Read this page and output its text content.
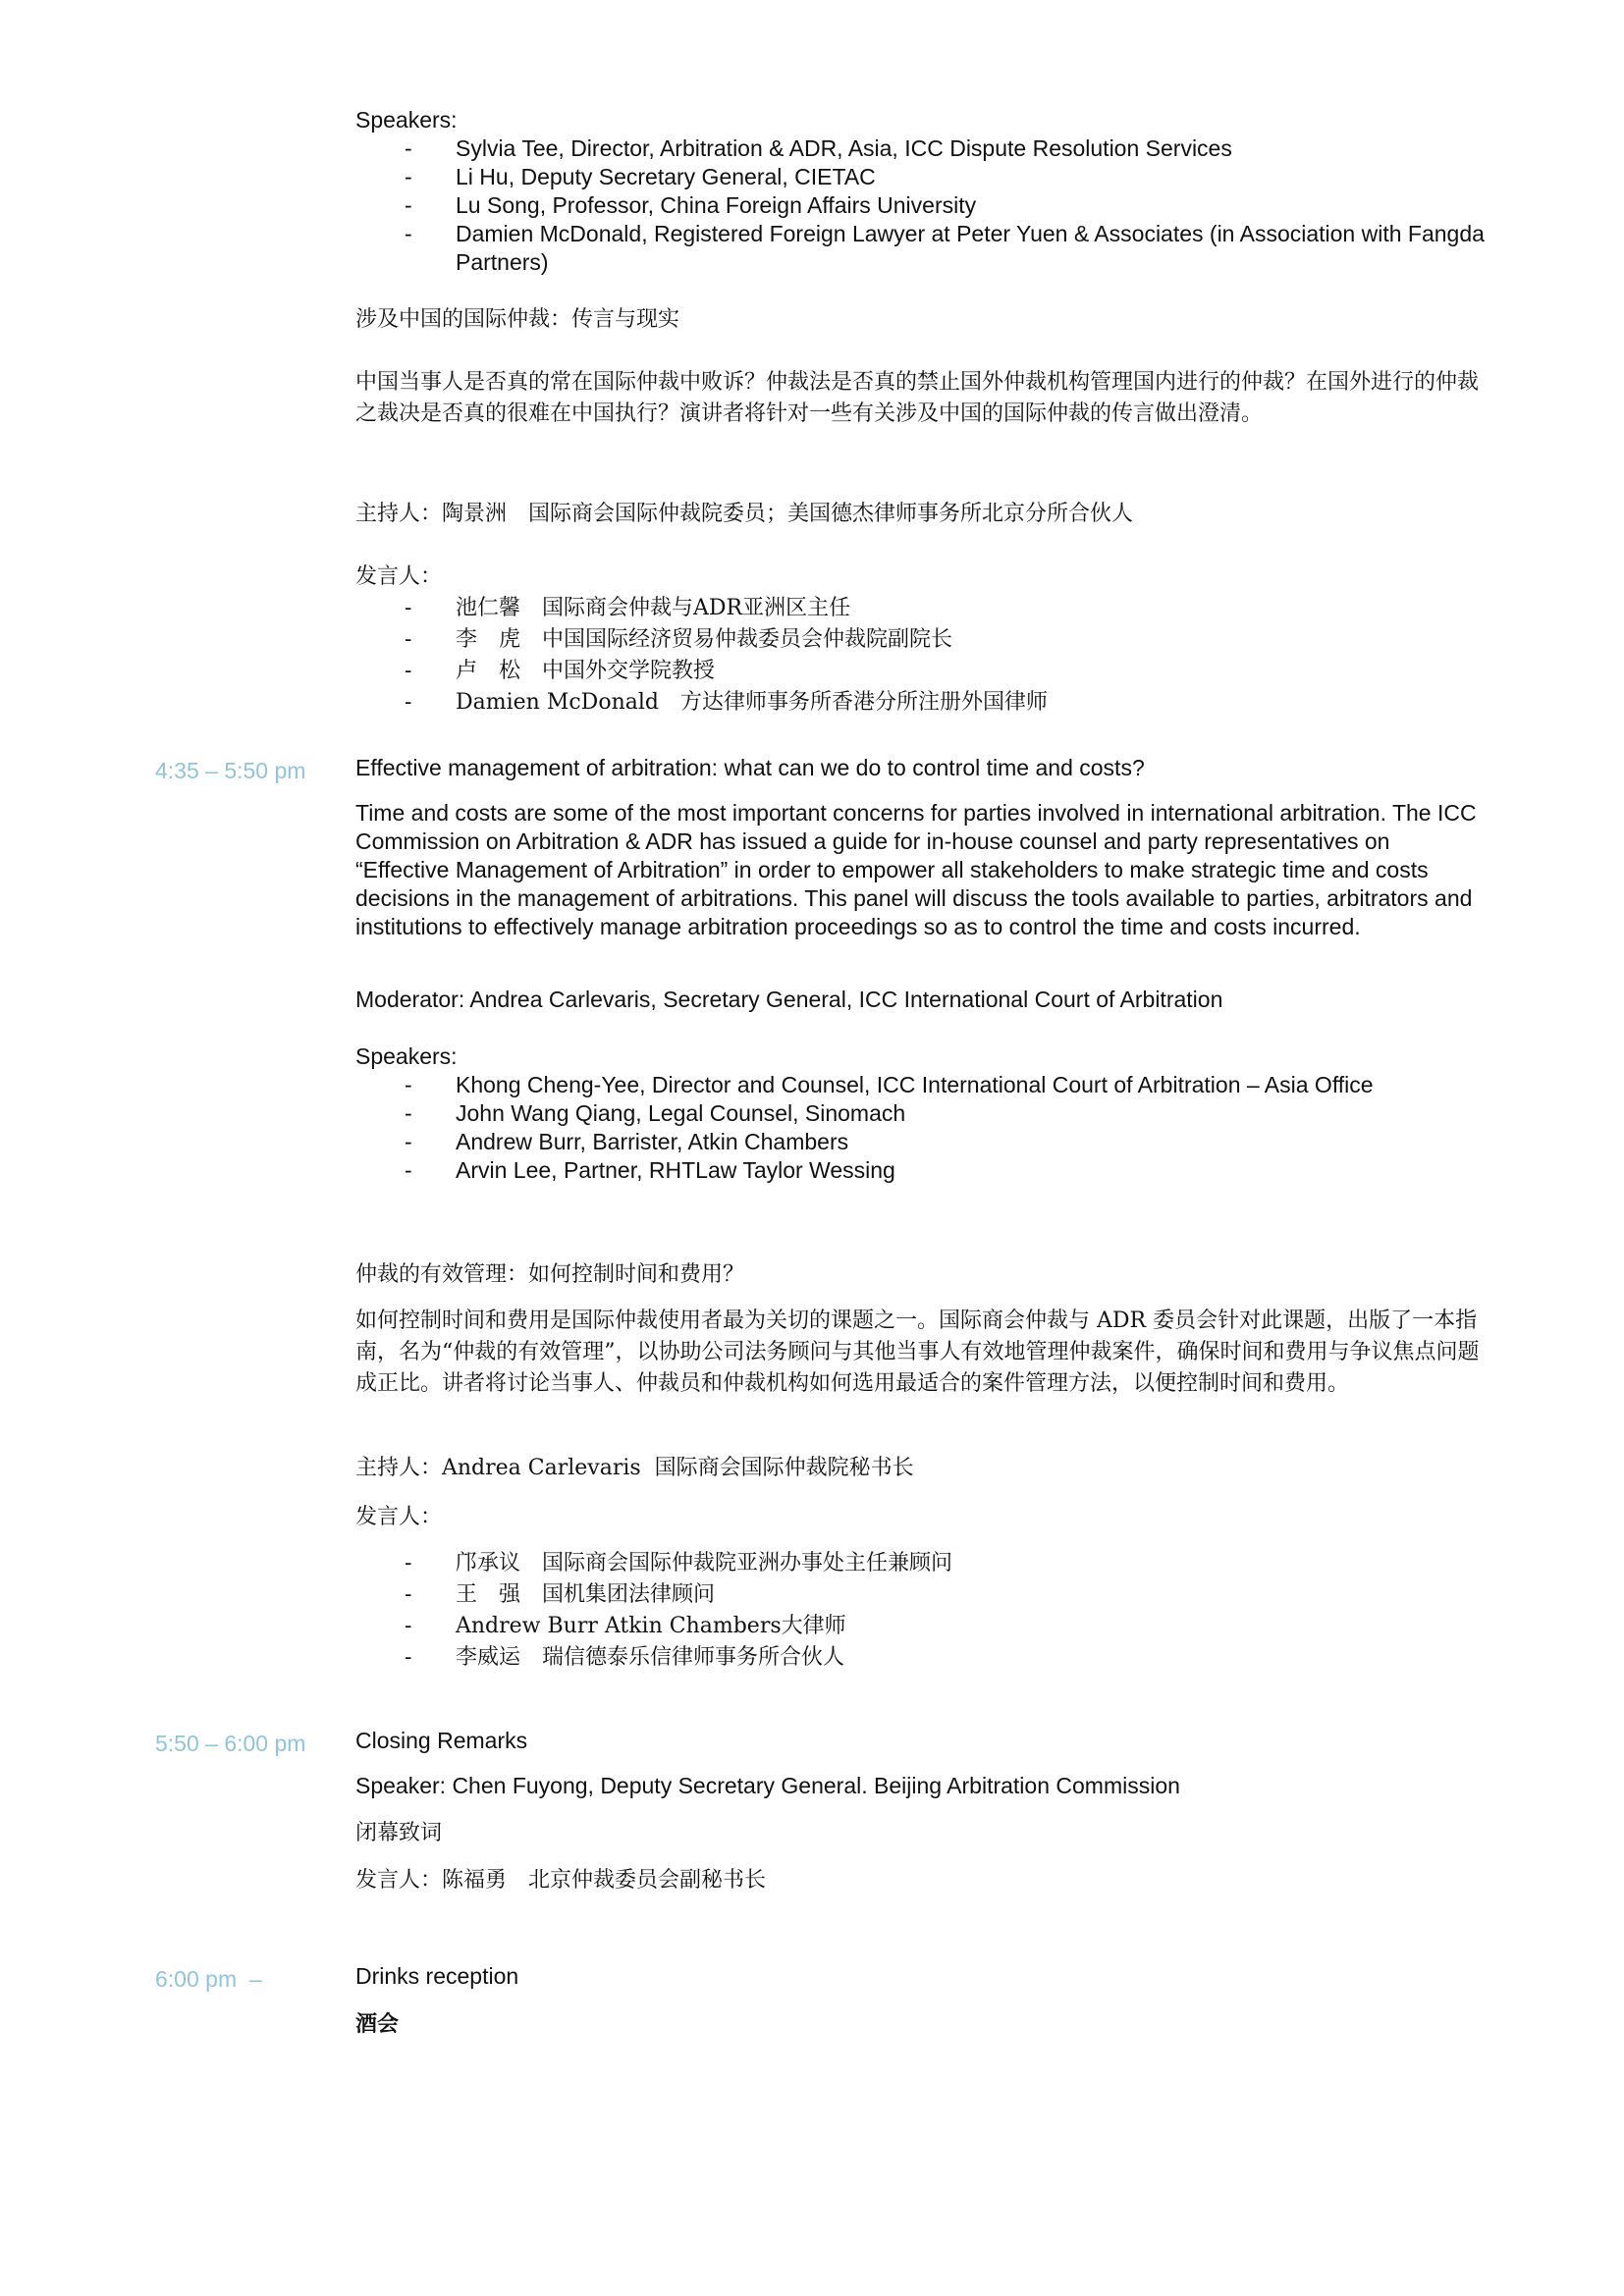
Speakers:

- Sylvia Tee, Director, Arbitration & ADR, Asia, ICC Dispute Resolution Services
- Li Hu, Deputy Secretary General, CIETAC
- Lu Song, Professor, China Foreign Affairs University
- Damien McDonald, Registered Foreign Lawyer at Peter Yuen & Associates (in Association with Fangda Partners)
涉及中国的国际仲裁：传言与现实
中国当事人是否真的常在国际仲裁中败诉？仲裁法是否真的禁止国外仲裁机构管理国内进行的仲裁？在国外进行的仲裁之裁决是否真的很难在中国执行？演讲者将针对一些有关涉及中国的国际仲裁的传言做出澄清。
主持人：陶景洲　国际商会国际仲裁院委员；美国德杰律师事务所北京分所合伙人

发言人：

- 池仁馨　国际商会仲裁与ADR亚洲区主任
- 李　虎　中国国际经济贸易仲裁委员会仲裁院副院长
- 卢　松　中国外交学院教授
- Damien McDonald　方达律师事务所香港分所注册外国律师
4:35 – 5:50 pm Effective management of arbitration: what can we do to control time and costs?
Time and costs are some of the most important concerns for parties involved in international arbitration. The ICC Commission on Arbitration & ADR has issued a guide for in-house counsel and party representatives on “Effective Management of Arbitration” in order to empower all stakeholders to make strategic time and costs decisions in the management of arbitrations. This panel will discuss the tools available to parties, arbitrators and institutions to effectively manage arbitration proceedings so as to control the time and costs incurred.
Moderator: Andrea Carlevaris, Secretary General, ICC International Court of Arbitration

Speakers:

- Khong Cheng-Yee, Director and Counsel, ICC International Court of Arbitration – Asia Office
- John Wang Qiang, Legal Counsel, Sinomach
- Andrew Burr, Barrister, Atkin Chambers
- Arvin Lee, Partner, RHTLaw Taylor Wessing
仲裁的有效管理：如何控制时间和费用？
如何控制时间和费用是国际仲裁使用者最为关切的课题之一。国际商会仲裁与 ADR 委员会针对此课题，出版了一本指南，名为“仲裁的有效管理”，以协助公司法务顾问与其他当事人有效地管理仲裁案件，确保时间和费用与争议焦点问题成正比。讲者将讨论当事人、仲裁员和仲裁机构如何选用最适合的案件管理方法，以便控制时间和费用。
主持人：Andrea Carlevaris  国际商会国际仲裁院秘书长

发言人：

- 邝承议　国际商会国际仲裁院亚洲办事处主任兼顾问
- 王　强　国机集团法律顾问
- Andrew Burr Atkin Chambers大律师
- 李威运　瑞信德泰乐信律师事务所合伙人
5:50 – 6:00 pm Closing Remarks
Speaker: Chen Fuyong, Deputy Secretary General. Beijing Arbitration Commission
闭幕致词
发言人：陈福勇　北京仲裁委员会副秘书长
6:00 pm  –	Drinks reception
酒会
